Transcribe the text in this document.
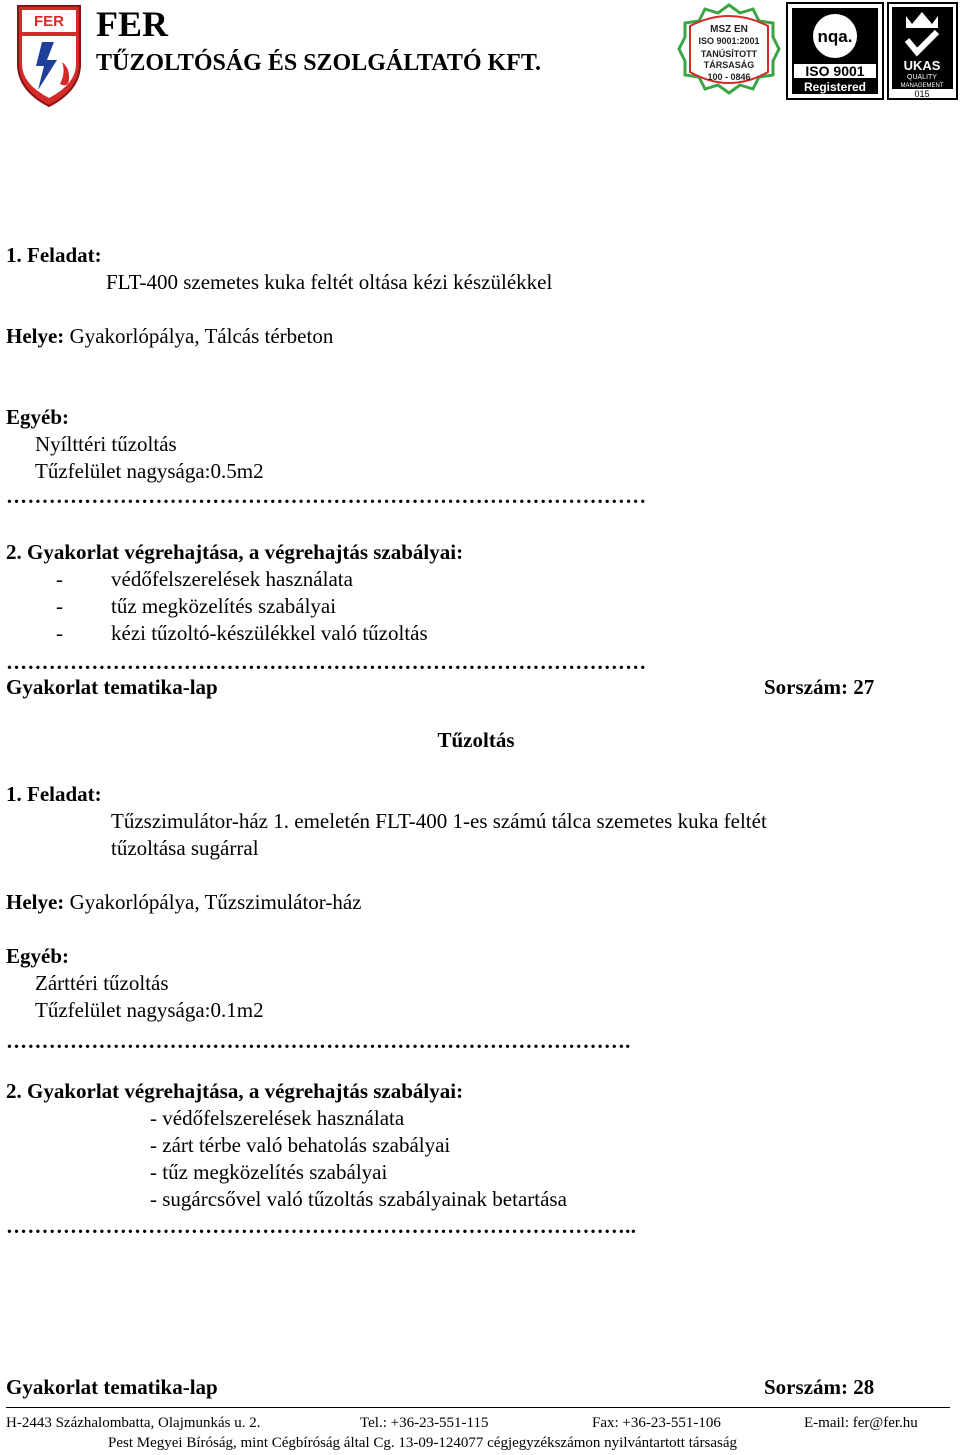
FER FER
TŰZOLTÓSÁG ÉS SZOLGÁLTATÓ KFT.
MSZ EN
ISO 9001:2001
TANÚSÍTOTT
TÁRSASÁG
100 - 0846
nqa.
ISO 9001
Registered
UKAS
QUALITY
MANAGEMENT
015
1. Feladat:
FLT-400 szemetes kuka feltét oltása kézi készülékkel
Helye: Gyakorlópálya, Tálcás térbeton
Egyéb:
Nyílttéri tűzoltás
Tűzfelület nagysága:0.5m2
………………………………………………………………………………
2. Gyakorlat végrehajtása, a végrehajtás szabályai:
- védőfelszerelések használata
- tűz megközelítés szabályai
- kézi tűzoltó-készülékkel való tűzoltás
………………………………………………………………………………
Gyakorlat tematika-lap	Sorszám: 27
Tűzoltás
1. Feladat:
Tűzszimulátor-ház 1. emeletén FLT-400 1-es számú tálca szemetes kuka feltét
tűzoltása sugárral
Helye: Gyakorlópálya, Tűzszimulátor-ház
Egyéb:
Zárttéri tűzoltás
Tűzfelület nagysága:0.1m2
…………………………………………………………………………….
2. Gyakorlat végrehajtása, a végrehajtás szabályai:
- védőfelszerelések használata
- zárt térbe való behatolás szabályai
- tűz megközelítés szabályai
- sugárcsővel való tűzoltás szabályainak betartása
……………………………………………………………………………..
Gyakorlat tematika-lap	Sorszám: 28
H-2443 Százhalombatta, Olajmunkás u. 2.	Tel.: +36-23-551-115	Fax: +36-23-551-106	E-mail: fer@fer.hu
Pest Megyei Bíróság, mint Cégbíróság által Cg. 13-09-124077 cégjegyzékszámon nyilvántartott társaság
